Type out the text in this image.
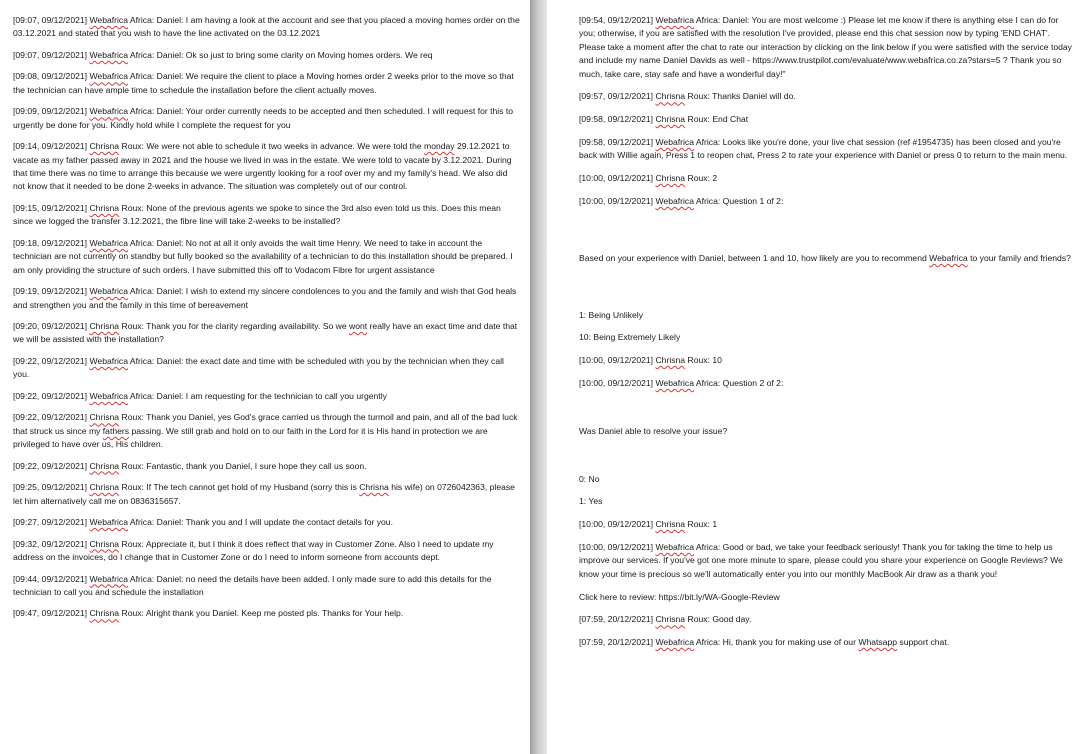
[09:07, 09/12/2021] Webafrica Africa: Daniel: I am having a look at the account and see that you placed a moving homes order on the 03.12.2021 and stated that you wish to have the line activated on the 03.12.2021

[09:07, 09/12/2021] Webafrica Africa: Daniel: Ok so just to bring some clarity on Moving homes orders. We req

[09:08, 09/12/2021] Webafrica Africa: Daniel: We require the client to place a Moving homes order 2 weeks prior to the move so that the technician can have ample time to schedule the installation before the client actually moves.

[09:09, 09/12/2021] Webafrica Africa: Daniel: Your order currently needs to be accepted and then scheduled. I will request for this to urgently be done for you. Kindly hold while I complete the request for you

[09:14, 09/12/2021] Chrisna Roux: We were not able to schedule it two weeks in advance. We were told the monday 29.12.2021 to vacate as my father passed away in 2021 and the house we lived in was in the estate. We were told to vacate by 3.12.2021. During that time there was no time to arrange this because we were urgently looking for a roof over my and my family's head. We also did not know that it needed to be done 2-weeks in advance. The situation was completely out of our control.

[09:15, 09/12/2021] Chrisna Roux: None of the previous agents we spoke to since the 3rd also even told us this. Does this mean since we logged the transfer 3.12.2021, the fibre line will take 2-weeks to be installed?

[09:18, 09/12/2021] Webafrica Africa: Daniel: No not at all it only avoids the wait time Henry. We need to take in account the technician are not currently on standby but fully booked so the availability of a technician to do this installation should be prepared. I am only providing the structure of such orders. I have submitted this off to Vodacom Fibre for urgent assistance

[09:19, 09/12/2021] Webafrica Africa: Daniel: I wish to extend my sincere condolences to you and the family and wish that God heals and strengthen you and the family in this time of bereavement

[09:20, 09/12/2021] Chrisna Roux: Thank you for the clarity regarding availability. So we wont really have an exact time and date that we will be assisted with the installation?

[09:22, 09/12/2021] Webafrica Africa: Daniel: the exact date and time with be scheduled with you by the technician when they call you.

[09:22, 09/12/2021] Webafrica Africa: Daniel: I am requesting for the technician to call you urgently

[09:22, 09/12/2021] Chrisna Roux: Thank you Daniel, yes God's grace carried us through the turmoil and pain, and all of the bad luck that struck us since my fathers passing. We still grab and hold on to our faith in the Lord for it is His hand in protection we are privileged to have over us, His children.

[09:22, 09/12/2021] Chrisna Roux: Fantastic, thank you Daniel, I sure hope they call us soon.

[09:25, 09/12/2021] Chrisna Roux: If The tech cannot get hold of my Husband (sorry this is Chrisna his wife) on 0726042363, please let him alternatively call me on 0836315657.

[09:27, 09/12/2021] Webafrica Africa: Daniel: Thank you and I will update the contact details for you.

[09:32, 09/12/2021] Chrisna Roux: Appreciate it, but I think it does reflect that way in Customer Zone. Also I need to update my address on the invoices, do I change that in Customer Zone or do I need to inform someone from accounts dept.

[09:44, 09/12/2021] Webafrica Africa: Daniel: no need the details have been added. I only made sure to add this details for the technician to call you and schedule the installation

[09:47, 09/12/2021] Chrisna Roux: Alright thank you Daniel. Keep me posted pls. Thanks for Your help.

[09:54, 09/12/2021] Webafrica Africa: Daniel: You are most welcome :) Please let me know if there is anything else I can do for you; otherwise, if you are satisfied with the resolution I've provided, please end this chat session now by typing 'END CHAT'. Please take a moment after the chat to rate our interaction by clicking on the link below if you were satisfied with the service today and include my name Daniel Davids as well - https://www.trustpilot.com/evaluate/www.webafrica.co.za?stars=5 ? Thank you so much, take care, stay safe and have a wonderful day!"

[09:57, 09/12/2021] Chrisna Roux: Thanks Daniel will do.

[09:58, 09/12/2021] Chrisna Roux: End Chat

[09:58, 09/12/2021] Webafrica Africa: Looks like you're done, your live chat session (ref #1954735) has been closed and you're back with Willie again, Press 1 to reopen chat, Press 2 to rate your experience with Daniel or press 0 to return to the main menu.

[10:00, 09/12/2021] Chrisna Roux: 2

[10:00, 09/12/2021] Webafrica Africa: Question 1 of 2:

Based on your experience with Daniel, between 1 and 10, how likely are you to recommend Webafrica to your family and friends?

1: Being Unlikely

10: Being Extremely Likely

[10:00, 09/12/2021] Chrisna Roux: 10

[10:00, 09/12/2021] Webafrica Africa: Question 2 of 2:

Was Daniel able to resolve your issue?

0: No

1: Yes

[10:00, 09/12/2021] Chrisna Roux: 1

[10:00, 09/12/2021] Webafrica Africa: Good or bad, we take your feedback seriously! Thank you for taking the time to help us improve our services. If you've got one more minute to spare, please could you share your experience on Google Reviews? We know your time is precious so we'll automatically enter you into our monthly MacBook Air draw as a thank you!

Click here to review: https://bit.ly/WA-Google-Review

[07:59, 20/12/2021] Chrisna Roux: Good day.

[07:59, 20/12/2021] Webafrica Africa: Hi, thank you for making use of our Whatsapp support chat.
